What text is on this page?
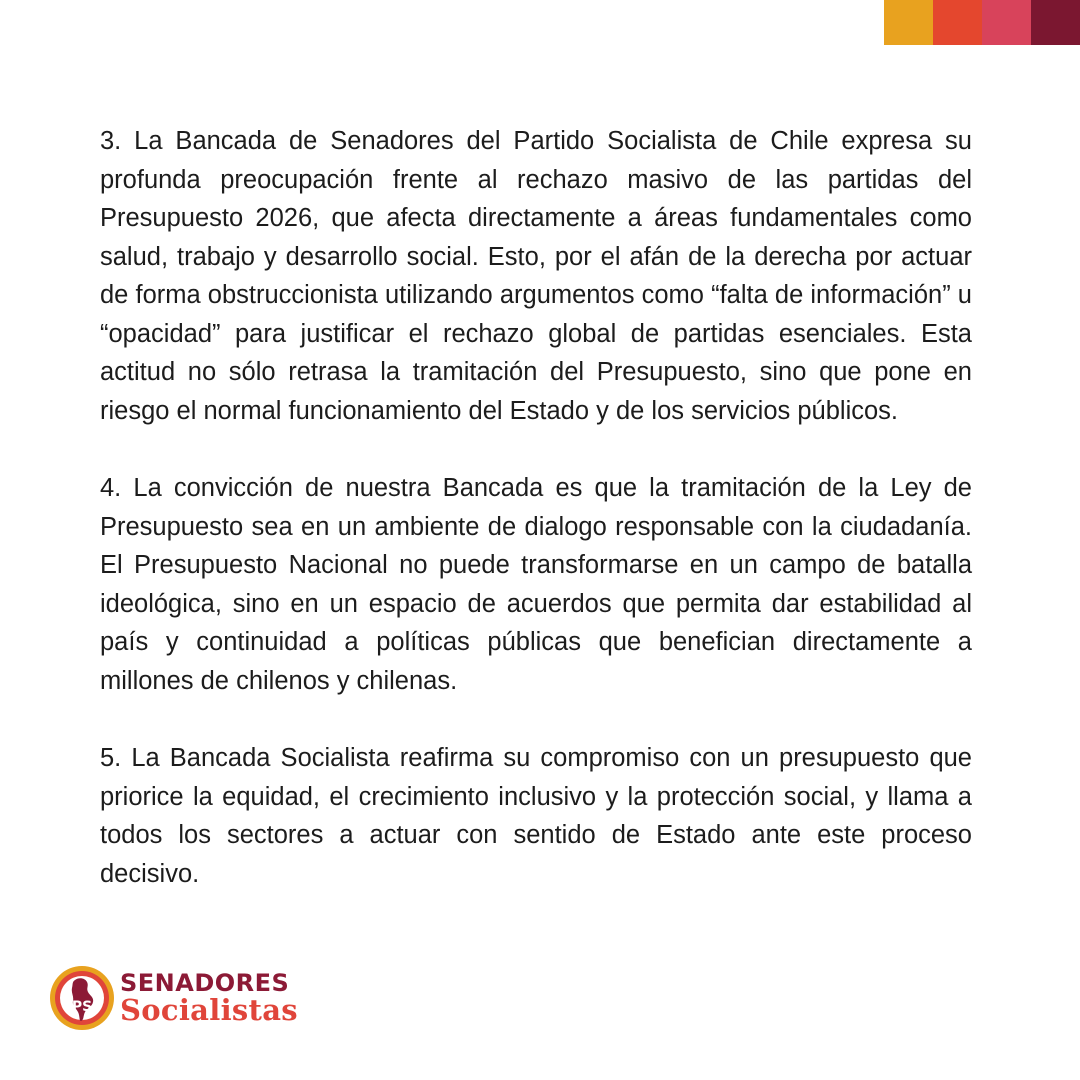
3. La Bancada de Senadores del Partido Socialista de Chile expresa su profunda preocupación frente al rechazo masivo de las partidas del Presupuesto 2026, que afecta directamente a áreas fundamentales como salud, trabajo y desarrollo social. Esto, por el afán de la derecha por actuar de forma obstruccionista utilizando argumentos como “falta de información” u “opacidad” para justificar el rechazo global de partidas esenciales. Esta actitud no sólo retrasa la tramitación del Presupuesto, sino que pone en riesgo el normal funcionamiento del Estado y de los servicios públicos.

4. La convicción de nuestra Bancada es que la tramitación de la Ley de Presupuesto sea en un ambiente de dialogo responsable con la ciudadanía. El Presupuesto Nacional no puede transformarse en un campo de batalla ideológica, sino en un espacio de acuerdos que permita dar estabilidad al país y continuidad a políticas públicas que benefician directamente a millones de chilenos y chilenas.

5. La Bancada Socialista reafirma su compromiso con un presupuesto que priorice la equidad, el crecimiento inclusivo y la protección social, y llama a todos los sectores a actuar con sentido de Estado ante este proceso decisivo.

PS
SENADORES
Socialistas
